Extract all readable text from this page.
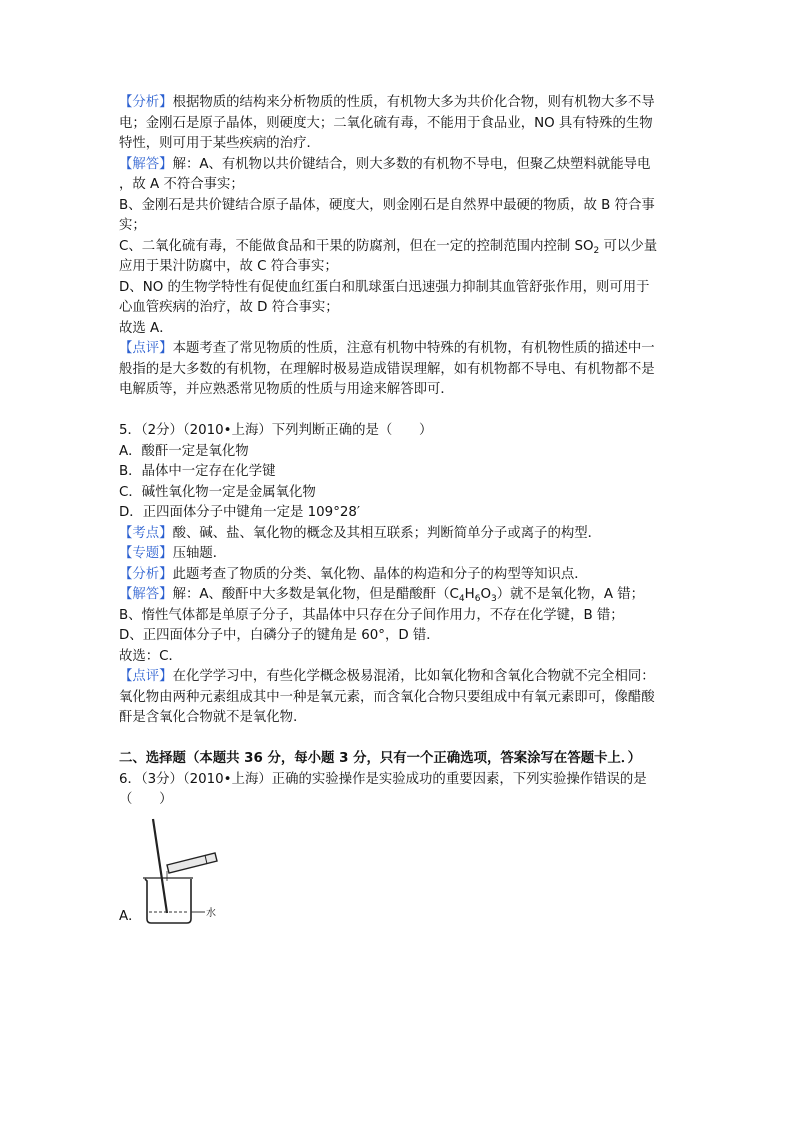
【分析】根据物质的结构来分析物质的性质，有机物大多为共价化合物，则有机物大多不导
电；金刚石是原子晶体，则硬度大；二氧化硫有毒，不能用于食品业，NO 具有特殊的生物
特性，则可用于某些疾病的治疗．
【解答】解：A、有机物以共价键结合，则大多数的有机物不导电，但聚乙炔塑料就能导电
，故 A 不符合事实；
B、金刚石是共价键结合原子晶体，硬度大，则金刚石是自然界中最硬的物质，故 B 符合事
实；
C、二氧化硫有毒，不能做食品和干果的防腐剂，但在一定的控制范围内控制 $SO_2$ 可以少量
应用于果汁防腐中，故 C 符合事实；
D、NO 的生物学特性有促使血红蛋白和肌球蛋白迅速强力抑制其血管舒张作用，则可用于
心血管疾病的治疗，故 D 符合事实；
故选 A．
【点评】本题考查了常见物质的性质，注意有机物中特殊的有机物，有机物性质的描述中一
般指的是大多数的有机物，在理解时极易造成错误理解，如有机物都不导电、有机物都不是
电解质等，并应熟悉常见物质的性质与用途来解答即可．
5．（2分）（2010•上海）下列判断正确的是（　　）
A．酸酐一定是氧化物
B．晶体中一定存在化学键
C．碱性氧化物一定是金属氧化物
D．正四面体分子中键角一定是 109°28′
【考点】酸、碱、盐、氧化物的概念及其相互联系；判断简单分子或离子的构型．
【专题】压轴题．
【分析】此题考查了物质的分类、氧化物、晶体的构造和分子的构型等知识点．
【解答】解：A、酸酐中大多数是氧化物，但是醋酸酐$(C_4H_6O_3)$就不是氧化物，A 错；
B、惰性气体都是单原子分子，其晶体中只存在分子间作用力，不存在化学键，B 错；
D、正四面体分子中，白磷分子的键角是 60°，D 错．
故选：C．
【点评】在化学学习中，有些化学概念极易混淆，比如氧化物和含氧化合物就不完全相同：
氧化物由两种元素组成其中一种是氧元素，而含氧化合物只要组成中有氧元素即可，像醋酸
酐是含氧化合物就不是氧化物．
二、选择题（本题共 36 分，每小题 3 分，只有一个正确选项，答案涂写在答题卡上．）
6．（3分）（2010•上海）正确的实验操作是实验成功的重要因素，下列实验操作错误的是
（　　）
A．	水
